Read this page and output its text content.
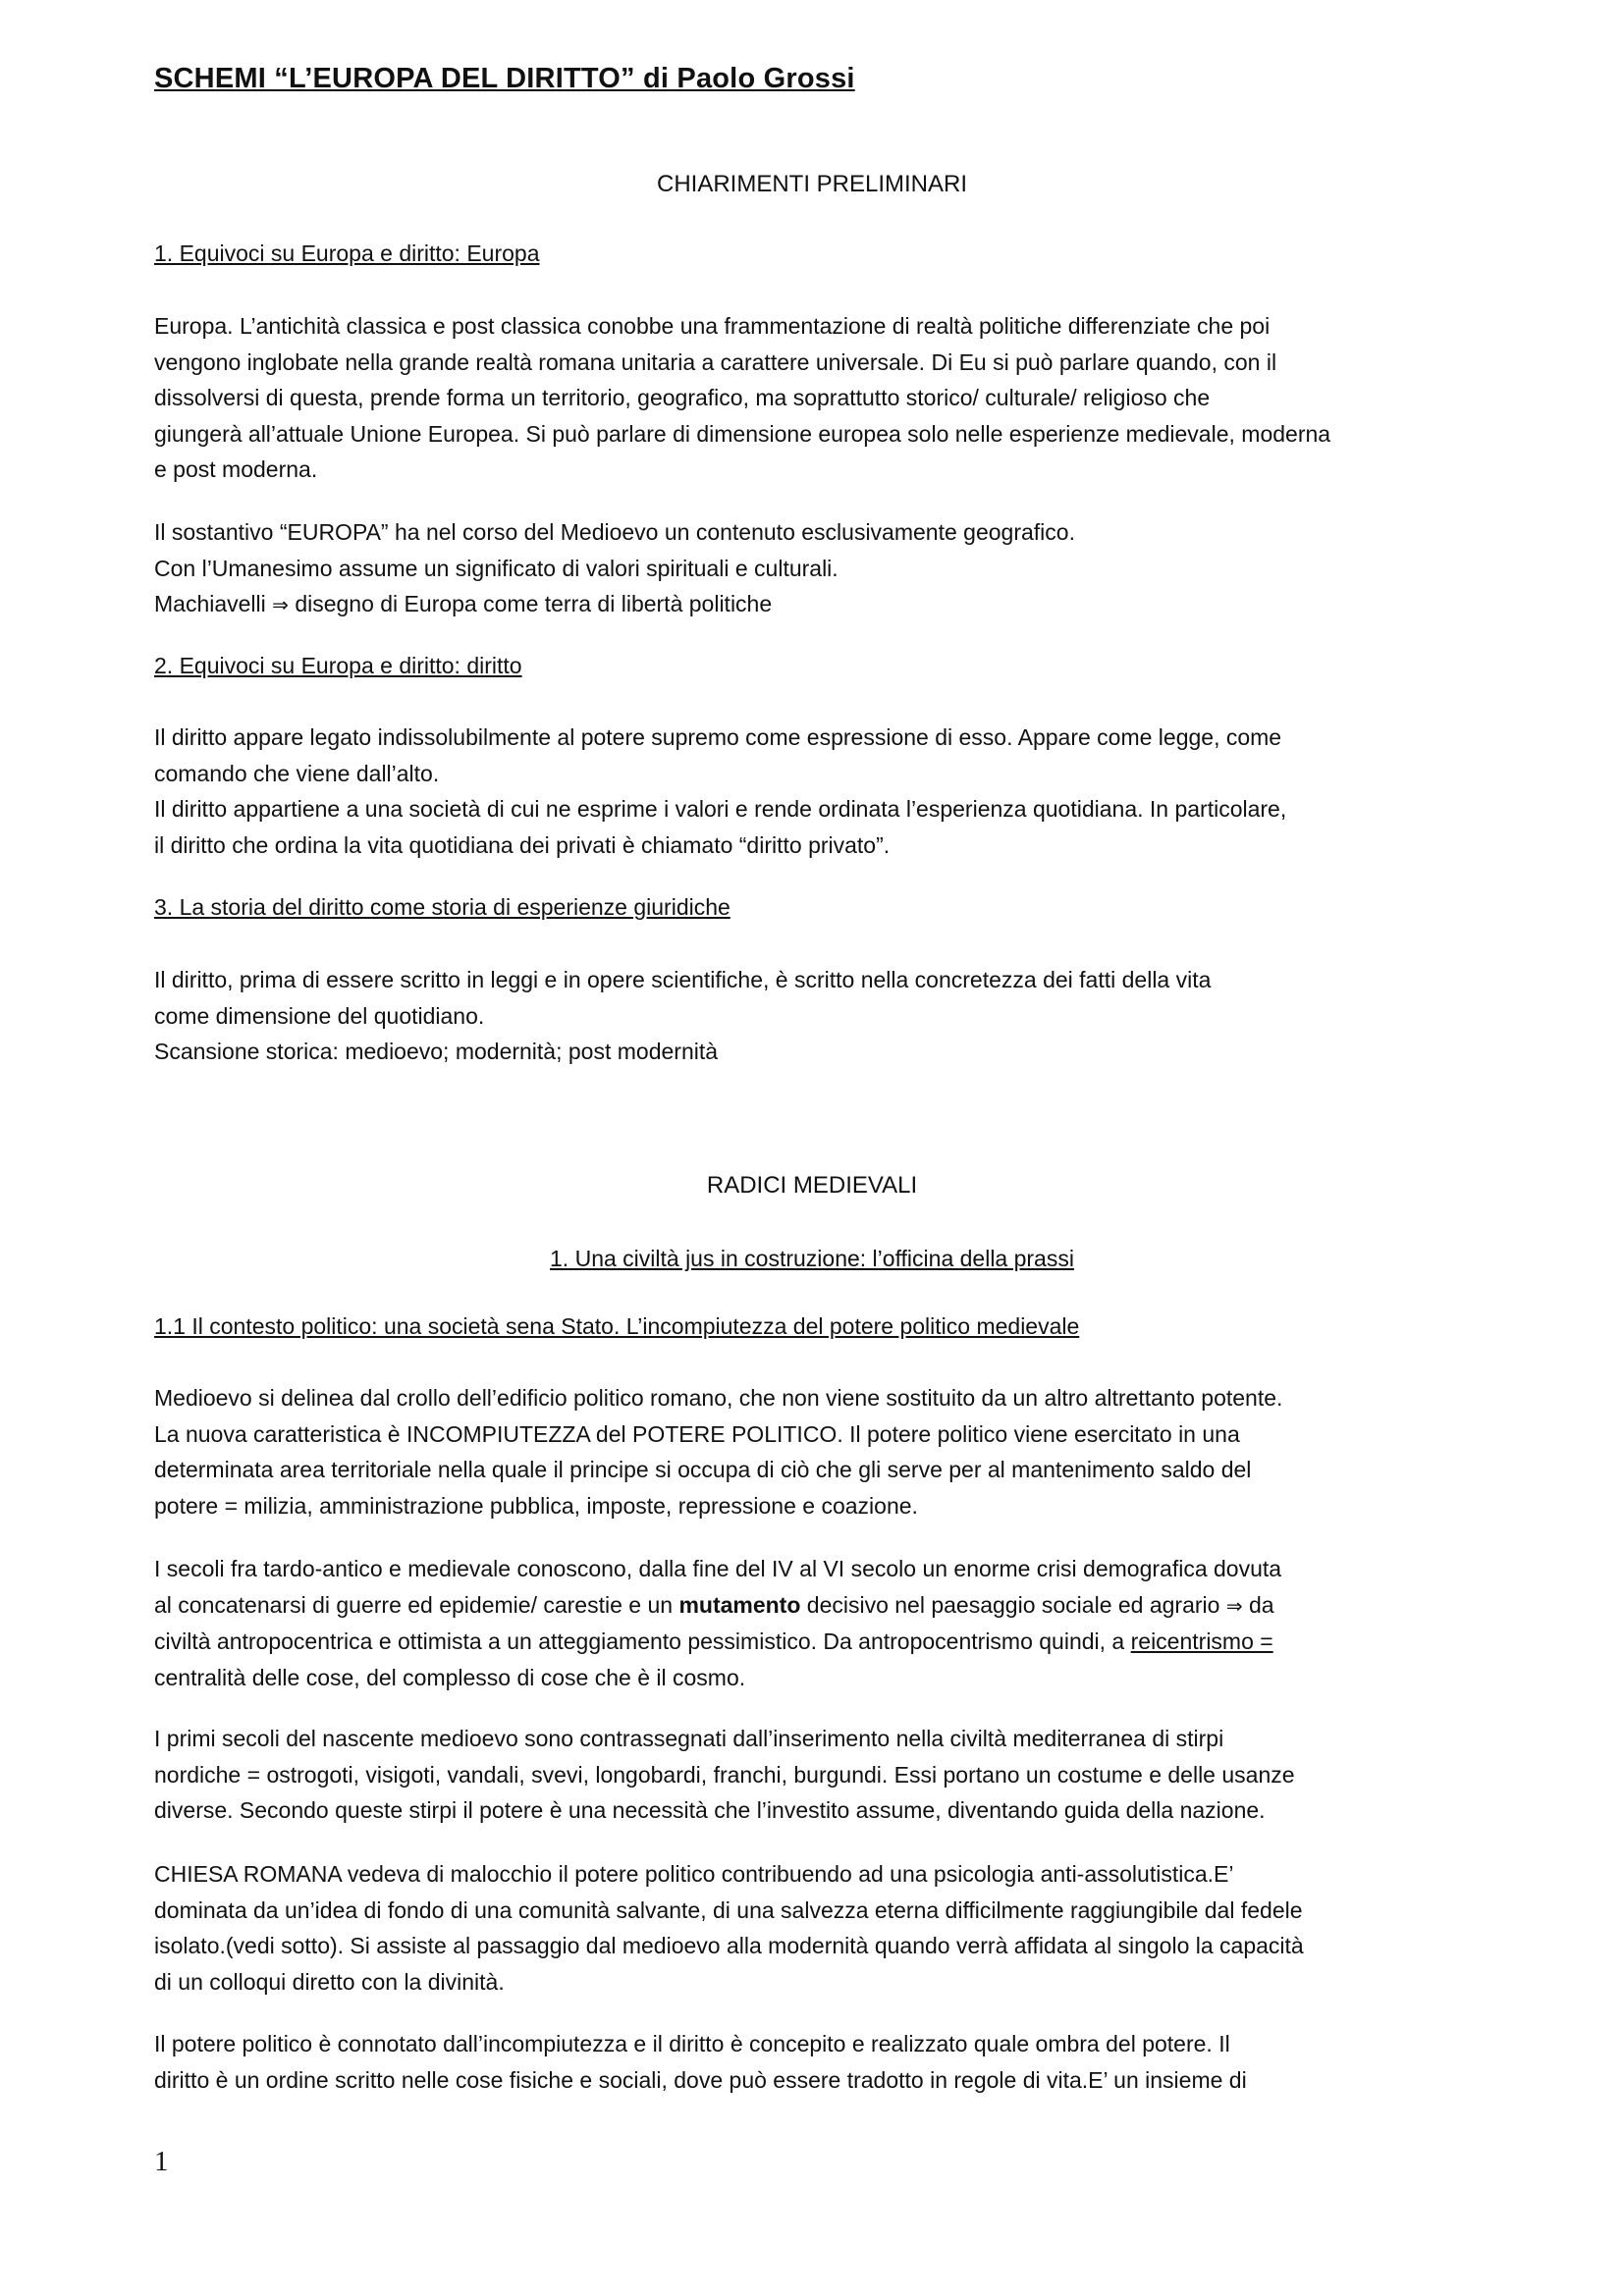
SCHEMI “L’EUROPA DEL DIRITTO” di Paolo Grossi
CHIARIMENTI PRELIMINARI
1. Equivoci su Europa e diritto: Europa
Europa. L’antichità classica e post classica conobbe una frammentazione di realtà politiche differenziate che poi
vengono inglobate nella grande realtà romana unitaria a carattere universale. Di Eu si può parlare quando, con il
dissolversi di questa, prende forma un territorio, geografico, ma soprattutto storico/ culturale/ religioso che
giungerà all’attuale Unione Europea. Si può parlare di dimensione europea solo nelle esperienze medievale, moderna
e post moderna.
Il sostantivo “EUROPA” ha nel corso del Medioevo un contenuto esclusivamente geografico.
Con l’Umanesimo assume un significato di valori spirituali e culturali.
Machiavelli ⇒ disegno di Europa come terra di libertà politiche
2. Equivoci su Europa e diritto: diritto
Il diritto appare legato indissolubilmente al potere supremo come espressione di esso. Appare come legge, come
comando che viene dall’alto.
Il diritto appartiene a una società di cui ne esprime i valori e rende ordinata l’esperienza quotidiana. In particolare,
il diritto che ordina la vita quotidiana dei privati è chiamato “diritto privato”.
3. La storia del diritto come storia di esperienze giuridiche
Il diritto, prima di essere scritto in leggi e in opere scientifiche, è scritto nella concretezza dei fatti della vita
come dimensione del quotidiano.
Scansione storica: medioevo; modernità; post modernità
RADICI MEDIEVALI
1. Una civiltà jus in costruzione: l’officina della prassi
1.1 Il contesto politico: una società sena Stato. L’incompiutezza del potere politico medievale
Medioevo si delinea dal crollo dell’edificio politico romano, che non viene sostituito da un altro altrettanto potente.
La nuova caratteristica è INCOMPIUTEZZA del POTERE POLITICO. Il potere politico viene esercitato in una
determinata area territoriale nella quale il principe si occupa di ciò che gli serve per al mantenimento saldo del
potere = milizia, amministrazione pubblica, imposte, repressione e coazione.
I secoli fra tardo-antico e medievale conoscono, dalla fine del IV al VI secolo un enorme crisi demografica dovuta
al concatenarsi di guerre ed epidemie/ carestie e un mutamento decisivo nel paesaggio sociale ed agrario ⇒ da
civiltà antropocentrica e ottimista a un atteggiamento pessimistico. Da antropocentrismo quindi, a reicentrismo =
centralità delle cose, del complesso di cose che è il cosmo.
I primi secoli del nascente medioevo sono contrassegnati dall’inserimento nella civiltà mediterranea di stirpi
nordiche = ostrogoti, visigoti, vandali, svevi, longobardi, franchi, burgundi. Essi portano un costume e delle usanze
diverse. Secondo queste stirpi il potere è una necessità che l’investito assume, diventando guida della nazione.
CHIESA ROMANA vedeva di malocchio il potere politico contribuendo ad una psicologia anti-assolutistica.E’
dominata da un’idea di fondo di una comunità salvante, di una salvezza eterna difficilmente raggiungibile dal fedele
isolato.(vedi sotto). Si assiste al passaggio dal medioevo alla modernità quando verrà affidata al singolo la capacità
di un colloqui diretto con la divinità.
Il potere politico è connotato dall’incompiutezza e il diritto è concepito e realizzato quale ombra del potere. Il
diritto è un ordine scritto nelle cose fisiche e sociali, dove può essere tradotto in regole di vita.E’ un insieme di
1
